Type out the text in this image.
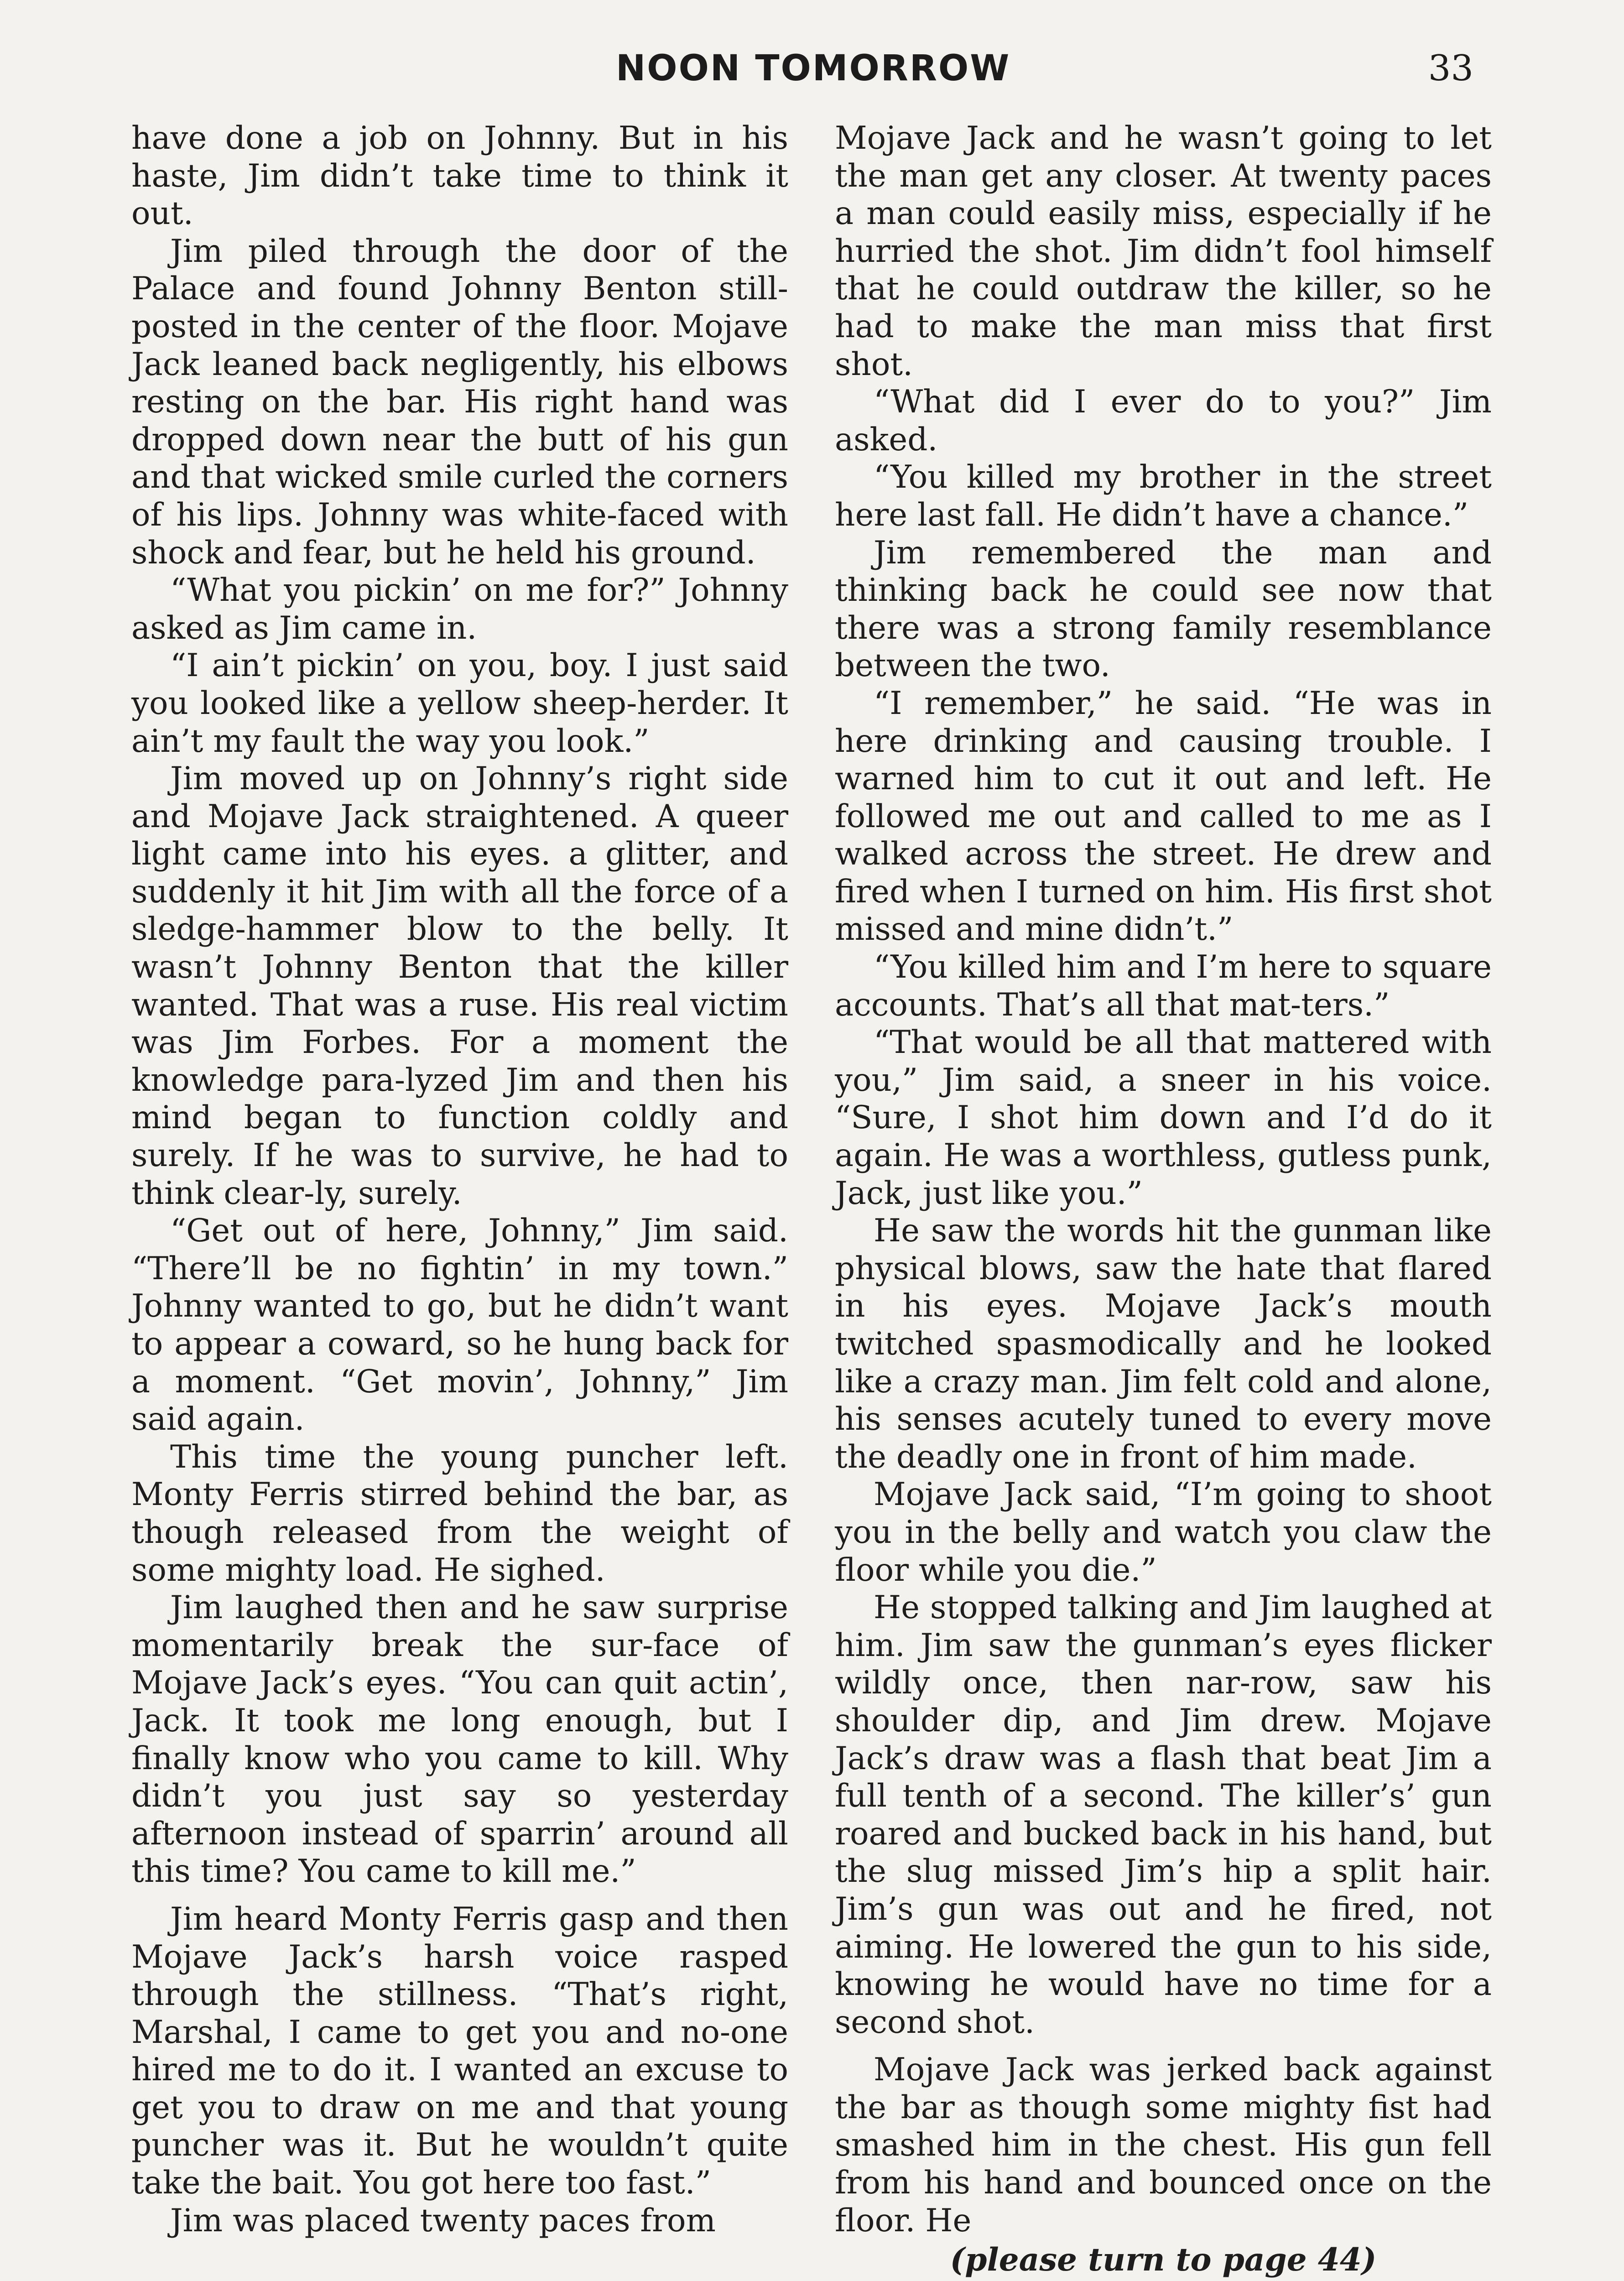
NOON TOMORROW	33

have done a job on Johnny. But in his haste, Jim didn’t take time to think it out.

Jim piled through the door of the Palace and found Johnny Benton still-posted in the center of the floor. Mojave Jack leaned back negligently, his elbows resting on the bar. His right hand was dropped down near the butt of his gun and that wicked smile curled the corners of his lips. Johnny was white-faced with shock and fear, but he held his ground.

“What you pickin’ on me for?” Johnny asked as Jim came in.

“I ain’t pickin’ on you, boy. I just said you looked like a yellow sheep-herder. It ain’t my fault the way you look.”

Jim moved up on Johnny’s right side and Mojave Jack straightened. A queer light came into his eyes. a glitter, and suddenly it hit Jim with all the force of a sledge-hammer blow to the belly. It wasn’t Johnny Benton that the killer wanted. That was a ruse. His real victim was Jim Forbes. For a moment the knowledge para-lyzed Jim and then his mind began to function coldly and surely. If he was to survive, he had to think clear-ly, surely.

“Get out of here, Johnny,” Jim said. “There’ll be no fightin’ in my town.” Johnny wanted to go, but he didn’t want to appear a coward, so he hung back for a moment. “Get movin’, Johnny,” Jim said again.

This time the young puncher left. Monty Ferris stirred behind the bar, as though released from the weight of some mighty load. He sighed.

Jim laughed then and he saw surprise momentarily break the sur-face of Mojave Jack’s eyes. “You can quit actin’, Jack. It took me long enough, but I finally know who you came to kill. Why didn’t you just say so yesterday afternoon instead of sparrin’ around all this time? You came to kill me.”

Jim heard Monty Ferris gasp and then Mojave Jack’s harsh voice rasped through the stillness. “That’s right, Marshal, I came to get you and no-one hired me to do it. I wanted an excuse to get you to draw on me and that young puncher was it. But he wouldn’t quite take the bait. You got here too fast.”

Jim was placed twenty paces from

Mojave Jack and he wasn’t going to let the man get any closer. At twenty paces a man could easily miss, especially if he hurried the shot. Jim didn’t fool himself that he could outdraw the killer, so he had to make the man miss that first shot.

“What did I ever do to you?” Jim asked.

“You killed my brother in the street here last fall. He didn’t have a chance.”

Jim remembered the man and thinking back he could see now that there was a strong family resemblance between the two.

“I remember,” he said. “He was in here drinking and causing trouble. I warned him to cut it out and left. He followed me out and called to me as I walked across the street. He drew and fired when I turned on him. His first shot missed and mine didn’t.”

“You killed him and I’m here to square accounts. That’s all that mat-ters.”

“That would be all that mattered with you,” Jim said, a sneer in his voice. “Sure, I shot him down and I’d do it again. He was a worthless, gutless punk, Jack, just like you.”

He saw the words hit the gunman like physical blows, saw the hate that flared in his eyes. Mojave Jack’s mouth twitched spasmodically and he looked like a crazy man. Jim felt cold and alone, his senses acutely tuned to every move the deadly one in front of him made.

Mojave Jack said, “I’m going to shoot you in the belly and watch you claw the floor while you die.”

He stopped talking and Jim laughed at him. Jim saw the gunman’s eyes flicker wildly once, then nar-row, saw his shoulder dip, and Jim drew. Mojave Jack’s draw was a flash that beat Jim a full tenth of a second. The killer’s’ gun roared and bucked back in his hand, but the slug missed Jim’s hip a split hair. Jim’s gun was out and he fired, not aiming. He lowered the gun to his side, knowing he would have no time for a second shot.

Mojave Jack was jerked back against the bar as though some mighty fist had smashed him in the chest. His gun fell from his hand and bounced once on the floor. He

(please turn to page 44)
